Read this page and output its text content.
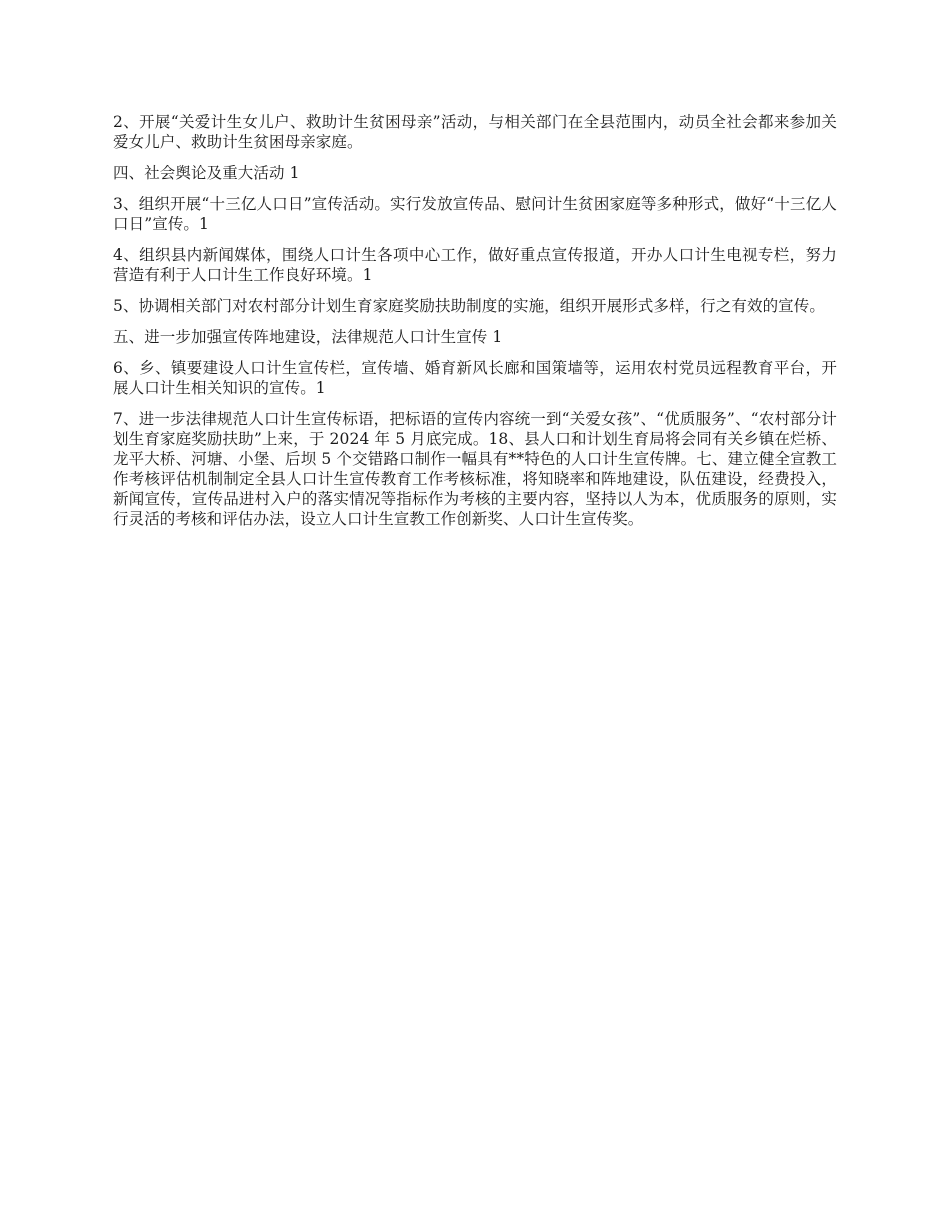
2、开展“关爱计生女儿户、救助计生贫困母亲”活动，与相关部门在全县范围内，动员全社会都来参加关爱女儿户、救助计生贫困母亲家庭。

四、社会舆论及重大活动 1

3、组织开展“十三亿人口日”宣传活动。实行发放宣传品、慰问计生贫困家庭等多种形式，做好“十三亿人口日”宣传。1

4、组织县内新闻媒体，围绕人口计生各项中心工作，做好重点宣传报道，开办人口计生电视专栏，努力营造有利于人口计生工作良好环境。1

5、协调相关部门对农村部分计划生育家庭奖励扶助制度的实施，组织开展形式多样，行之有效的宣传。

五、进一步加强宣传阵地建设，法律规范人口计生宣传 1

6、乡、镇要建设人口计生宣传栏，宣传墙、婚育新风长廊和国策墙等，运用农村党员远程教育平台，开展人口计生相关知识的宣传。1

7、进一步法律规范人口计生宣传标语，把标语的宣传内容统一到“关爱女孩”、“优质服务”、“农村部分计划生育家庭奖励扶助”上来，于 2024 年 5 月底完成。18、县人口和计划生育局将会同有关乡镇在烂桥、龙平大桥、河塘、小堡、后坝 5 个交错路口制作一幅具有**特色的人口计生宣传牌。七、建立健全宣教工作考核评估机制制定全县人口计生宣传教育工作考核标准，将知晓率和阵地建设，队伍建设，经费投入，新闻宣传，宣传品进村入户的落实情况等指标作为考核的主要内容，坚持以人为本，优质服务的原则，实行灵活的考核和评估办法，设立人口计生宣教工作创新奖、人口计生宣传奖。
